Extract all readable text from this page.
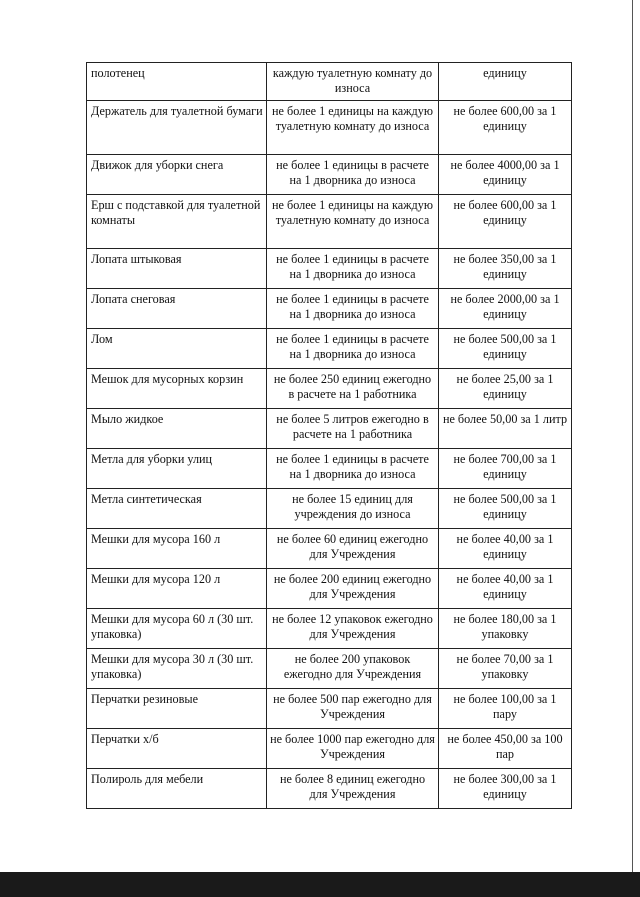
полотенец	каждую туалетную комнату до износа	единицу
Держатель для туалетной бумаги	не более 1 единицы на каждую туалетную комнату до износа	не более 600,00 за 1 единицу
Движок для уборки снега	не более 1 единицы в расчете на 1 дворника до износа	не более 4000,00 за 1 единицу
Ерш с подставкой для туалетной комнаты	не более 1 единицы на каждую туалетную комнату до износа	не более 600,00 за 1 единицу
Лопата штыковая	не более 1 единицы в расчете на 1 дворника до износа	не более 350,00 за 1 единицу
Лопата снеговая	не более 1 единицы в расчете на 1 дворника до износа	не более 2000,00 за 1 единицу
Лом	не более 1 единицы в расчете на 1 дворника до износа	не более 500,00 за 1 единицу
Мешок для мусорных корзин	не более 250 единиц ежегодно в расчете на 1 работника	не более 25,00 за 1 единицу
Мыло жидкое	не более 5 литров ежегодно в расчете на 1 работника	не более 50,00 за 1 литр
Метла для уборки улиц	не более 1 единицы в расчете на 1 дворника до износа	не более 700,00 за 1 единицу
Метла синтетическая	не более 15 единиц для учреждения до износа	не более 500,00 за 1 единицу
Мешки для мусора 160 л	не более 60 единиц ежегодно для Учреждения	не более 40,00 за 1 единицу
Мешки для мусора 120 л	не более 200 единиц ежегодно для Учреждения	не более 40,00 за 1 единицу
Мешки для мусора 60 л (30 шт. упаковка)	не более 12 упаковок ежегодно для Учреждения	не более 180,00 за 1 упаковку
Мешки для мусора 30 л (30 шт. упаковка)	не более 200 упаковок ежегодно для Учреждения	не более 70,00 за 1 упаковку
Перчатки резиновые	не более 500 пар ежегодно для Учреждения	не более 100,00 за 1 пару
Перчатки х/б	не более 1000 пар ежегодно для Учреждения	не более 450,00 за 100 пар
Полироль для мебели	не более 8 единиц ежегодно для Учреждения	не более 300,00 за 1 единицу
